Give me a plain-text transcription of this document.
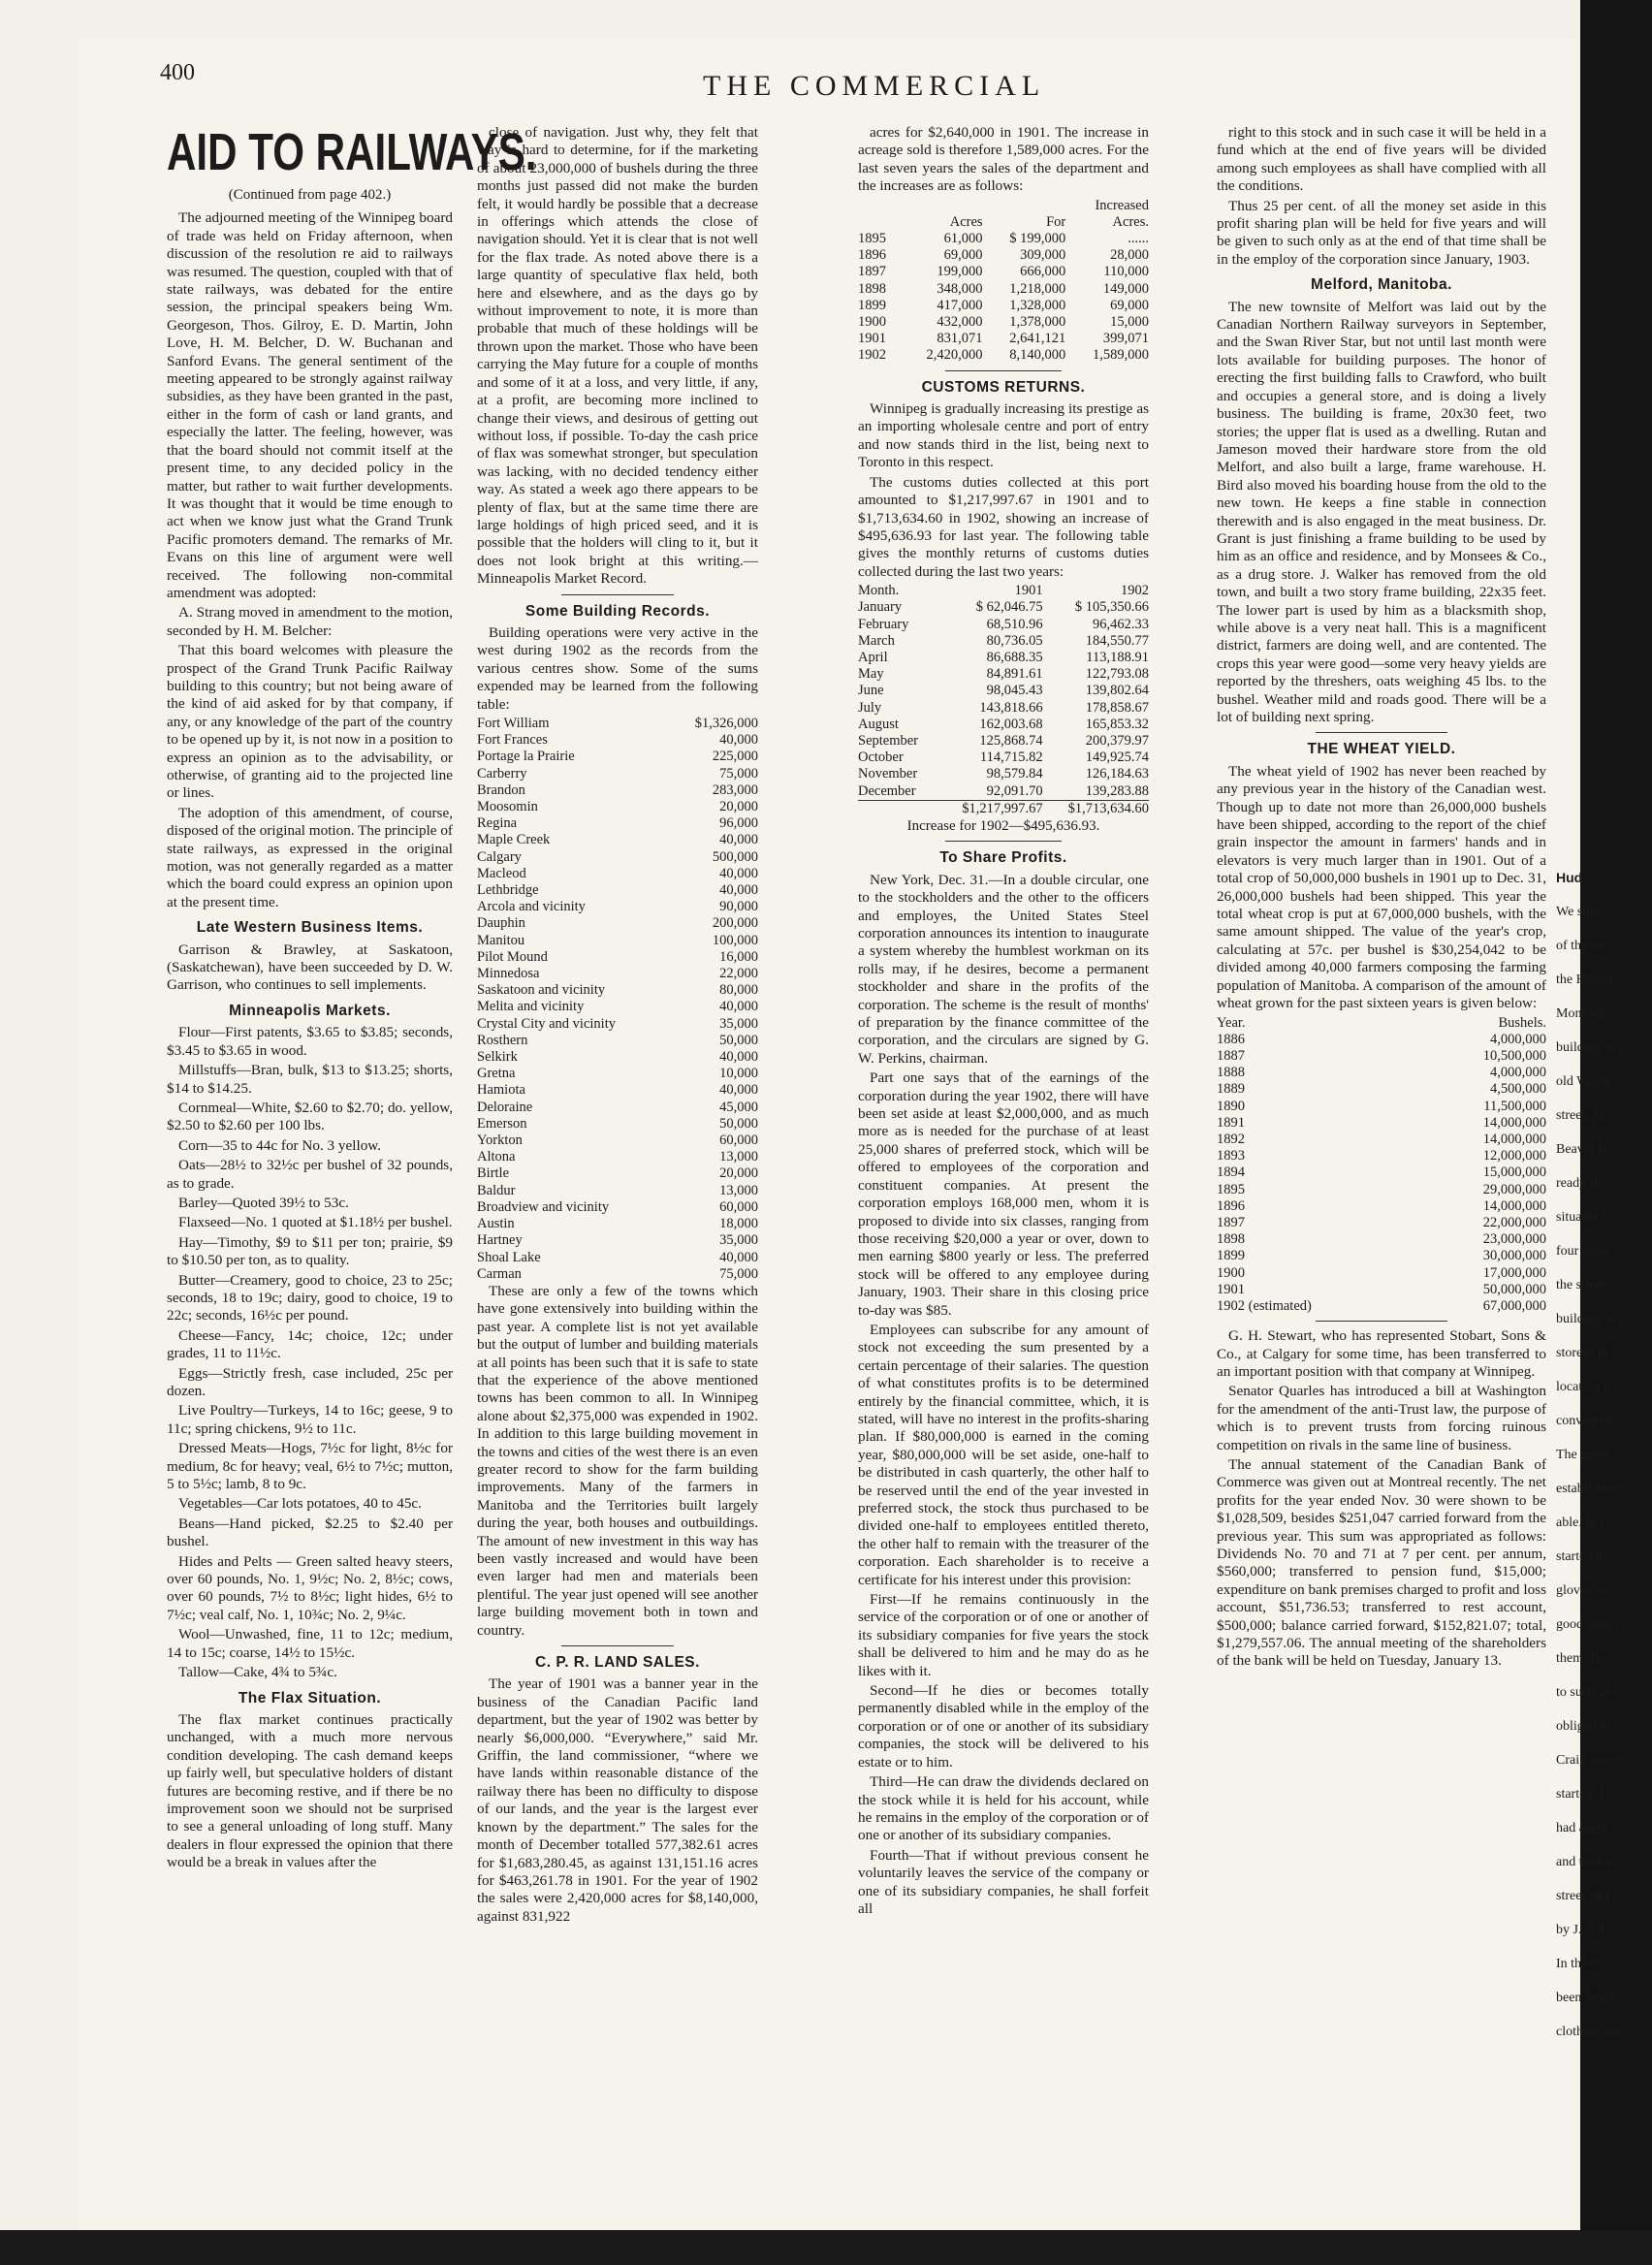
400	THE COMMERCIAL
AID TO RAILWAYS.
(Continued from page 402.)

The adjourned meeting of the Winnipeg board of trade was held on Friday afternoon, when discussion of the resolution re aid to railways was resumed. The question, coupled with that of state railways, was debated for the entire session, the principal speakers being Wm. Georgeson, Thos. Gilroy, E. D. Martin, John Love, H. M. Belcher, D. W. Buchanan and Sanford Evans. The general sentiment of the meeting appeared to be strongly against railway subsidies, as they have been granted in the past, either in the form of cash or land grants, and especially the latter. The feeling, however, was that the board should not commit itself at the present time, to any decided policy in the matter, but rather to wait further developments. It was thought that it would be time enough to act when we know just what the Grand Trunk Pacific promoters demand. The remarks of Mr. Evans on this line of argument were well received. The following non-commital amendment was adopted:

A. Strang moved in amendment to the motion, seconded by H. M. Belcher:

That this board welcomes with pleasure the prospect of the Grand Trunk Pacific Railway building to this country; but not being aware of the kind of aid asked for by that company, if any, or any knowledge of the part of the country to be opened up by it, is not now in a position to express an opinion as to the advisability, or otherwise, of granting aid to the projected line or lines.

The adoption of this amendment, of course, disposed of the original motion. The principle of state railways, as expressed in the original motion, was not generally regarded as a matter which the board could express an opinion upon at the present time.

Late Western Business Items.

Garrison & Brawley, at Saskatoon, (Saskatchewan), have been succeeded by D. W. Garrison, who continues to sell implements.

Minneapolis Markets.

Flour—First patents, $3.65 to $3.85; seconds, $3.45 to $3.65 in wood.

Millstuffs—Bran, bulk, $13 to $13.25; shorts, $14 to $14.25.

Cornmeal—White, $2.60 to $2.70; do. yellow, $2.50 to $2.60 per 100 lbs.

Corn—35 to 44c for No. 3 yellow.

Oats—28½ to 32½c per bushel of 32 pounds, as to grade.

Barley—Quoted 39½ to 53c.

Flaxseed—No. 1 quoted at $1.18½ per bushel.

Hay—Timothy, $9 to $11 per ton; prairie, $9 to $10.50 per ton, as to quality.

Butter—Creamery, good to choice, 23 to 25c; seconds, 18 to 19c; dairy, good to choice, 19 to 22c; seconds, 16½c per pound.

Cheese—Fancy, 14c; choice, 12c; under grades, 11 to 11½c.

Eggs—Strictly fresh, case included, 25c per dozen.

Live Poultry—Turkeys, 14 to 16c; geese, 9 to 11c; spring chickens, 9½ to 11c.

Dressed Meats—Hogs, 7½c for light, 8½c for medium, 8c for heavy; veal, 6½ to 7½c; mutton, 5 to 5½c; lamb, 8 to 9c.

Vegetables—Car lots potatoes, 40 to 45c.

Beans—Hand picked, $2.25 to $2.40 per bushel.

Hides and Pelts — Green salted heavy steers, over 60 pounds, No. 1, 9½c; No. 2, 8½c; cows, over 60 pounds, 7½ to 8½c; light hides, 6½ to 7½c; veal calf, No. 1, 10¾c; No. 2, 9¼c.

Wool—Unwashed, fine, 11 to 12c; medium, 14 to 15c; coarse, 14½ to 15½c.

Tallow—Cake, 4¾ to 5¾c.

The Flax Situation.

The flax market continues practically unchanged, with a much more nervous condition developing. The cash demand keeps up fairly well, but speculative holders of distant futures are becoming restive, and if there be no improvement soon we should not be surprised to see a general unloading of long stuff. Many dealers in flour expressed the opinion that there would be a break in values after the

close of navigation. Just why, they felt that way is hard to determine, for if the marketing of about 23,000,000 of bushels during the three months just passed did not make the burden felt, it would hardly be possible that a decrease in offerings which attends the close of navigation should. Yet it is clear that is not well for the flax trade. As noted above there is a large quantity of speculative flax held, both here and elsewhere, and as the days go by without improvement to note, it is more than probable that much of these holdings will be thrown upon the market. Those who have been carrying the May future for a couple of months and some of it at a loss, and very little, if any, at a profit, are becoming more inclined to change their views, and desirous of getting out without loss, if possible. To-day the cash price of flax was somewhat stronger, but speculation was lacking, with no decided tendency either way. As stated a week ago there appears to be plenty of flax, but at the same time there are large holdings of high priced seed, and it is possible that the holders will cling to it, but it does not look bright at this writing.—Minneapolis Market Record.

Some Building Records.

Building operations were very active in the west during 1902 as the records from the various centres show. Some of the sums expended may be learned from the following table:

Fort William	$1,326,000
Fort Frances	40,000
Portage la Prairie	225,000
Carberry	75,000
Brandon	283,000
Moosomin	20,000
Regina	96,000
Maple Creek	40,000
Calgary	500,000
Macleod	40,000
Lethbridge	40,000
Arcola and vicinity	90,000
Dauphin	200,000
Manitou	100,000
Pilot Mound	16,000
Minnedosa	22,000
Saskatoon and vicinity	80,000
Melita and vicinity	40,000
Crystal City and vicinity	35,000
Rosthern	50,000
Selkirk	40,000
Gretna	10,000
Hamiota	40,000
Deloraine	45,000
Emerson	50,000
Yorkton	60,000
Altona	13,000
Birtle	20,000
Baldur	13,000
Broadview and vicinity	60,000
Austin	18,000
Hartney	35,000
Shoal Lake	40,000
Carman	75,000

These are only a few of the towns which have gone extensively into building within the past year. A complete list is not yet available but the output of lumber and building materials at all points has been such that it is safe to state that the experience of the above mentioned towns has been common to all. In Winnipeg alone about $2,375,000 was expended in 1902. In addition to this large building movement in the towns and cities of the west there is an even greater record to show for the farm building improvements. Many of the farmers in Manitoba and the Territories built largely during the year, both houses and outbuildings. The amount of new investment in this way has been vastly increased and would have been even larger had men and materials been plentiful. The year just opened will see another large building movement both in town and country.

C. P. R. LAND SALES.

The year of 1901 was a banner year in the business of the Canadian Pacific land department, but the year of 1902 was better by nearly $6,000,000. “Everywhere,” said Mr. Griffin, the land commissioner, “where we have lands within reasonable distance of the railway there has been no difficulty to dispose of our lands, and the year is the largest ever known by the department.” The sales for the month of December totalled 577,382.61 acres for $1,683,280.45, as against 131,151.16 acres for $463,261.78 in 1901. For the year of 1902 the sales were 2,420,000 acres for $8,140,000, against 831,922

acres for $2,640,000 in 1901. The increase in acreage sold is therefore 1,589,000 acres. For the last seven years the sales of the department and the increases are as follows:

			Increased
	Acres	For	Acres.
1895	61,000	$ 199,000	......
1896	69,000	309,000	28,000
1897	199,000	666,000	110,000
1898	348,000	1,218,000	149,000
1899	417,000	1,328,000	69,000
1900	432,000	1,378,000	15,000
1901	831,071	2,641,121	399,071
1902	2,420,000	8,140,000	1,589,000
CUSTOMS RETURNS.

Winnipeg is gradually increasing its prestige as an importing wholesale centre and port of entry and now stands third in the list, being next to Toronto in this respect.

The customs duties collected at this port amounted to $1,217,997.67 in 1901 and to $1,713,634.60 in 1902, showing an increase of $495,636.93 for last year. The following table gives the monthly returns of customs duties collected during the last two years:

Month.	1901	1902
January	$ 62,046.75	$ 105,350.66
February	68,510.96	96,462.33
March	80,736.05	184,550.77
April	86,688.35	113,188.91
May	84,891.61	122,793.08
June	98,045.43	139,802.64
July	143,818.66	178,858.67
August	162,003.68	165,853.32
September	125,868.74	200,379.97
October	114,715.82	149,925.74
November	98,579.84	126,184.63
December	92,091.70	139,283.88
	$1,217,997.67	$1,713,634.60
Increase for 1902—$495,636.93.
To Share Profits.

New York, Dec. 31.—In a double circular, one to the stockholders and the other to the officers and employes, the United States Steel corporation announces its intention to inaugurate a system whereby the humblest workman on its rolls may, if he desires, become a permanent stockholder and share in the profits of the corporation. The scheme is the result of months' of preparation by the finance committee of the corporation, and the circulars are signed by G. W. Perkins, chairman.

Part one says that of the earnings of the corporation during the year 1902, there will have been set aside at least $2,000,000, and as much more as is needed for the purchase of at least 25,000 shares of preferred stock, which will be offered to employees of the corporation and constituent companies. At present the corporation employs 168,000 men, whom it is proposed to divide into six classes, ranging from those receiving $20,000 a year or over, down to men earning $800 yearly or less. The preferred stock will be offered to any employee during January, 1903. Their share in this closing price to-day was $85.

Employees can subscribe for any amount of stock not exceeding the sum presented by a certain percentage of their salaries. The question of what constitutes profits is to be determined entirely by the financial committee, which, it is stated, will have no interest in the profits-sharing plan. If $80,000,000 is earned in the coming year, $80,000,000 will be set aside, one-half to be distributed in cash quarterly, the other half to be reserved until the end of the year invested in preferred stock, the stock thus purchased to be divided one-half to employees entitled thereto, the other half to remain with the treasurer of the corporation. Each shareholder is to receive a certificate for his interest under this provision:

First—If he remains continuously in the service of the corporation or of one or another of its subsidiary companies for five years the stock shall be delivered to him and he may do as he likes with it.

Second—If he dies or becomes totally permanently disabled while in the employ of the corporation or of one or another of its subsidiary companies, the stock will be delivered to his estate or to him.

Third—He can draw the dividends declared on the stock while it is held for his account, while he remains in the employ of the corporation or of one or another of its subsidiary companies.

Fourth—That if without previous consent he voluntarily leaves the service of the company or one of its subsidiary companies, he shall forfeit all

right to this stock and in such case it will be held in a fund which at the end of five years will be divided among such employees as shall have complied with all the conditions.

Thus 25 per cent. of all the money set aside in this profit sharing plan will be held for five years and will be given to such only as at the end of that time shall be in the employ of the corporation since January, 1903.

Melford, Manitoba.

The new townsite of Melfort was laid out by the Canadian Northern Railway surveyors in September, and the Swan River Star, but not until last month were lots available for building purposes. The honor of erecting the first building falls to Crawford, who built and occupies a general store, and is doing a lively business. The building is frame, 20x30 feet, two stories; the upper flat is used as a dwelling. Rutan and Jameson moved their hardware store from the old Melfort, and also built a large, frame warehouse. H. Bird also moved his boarding house from the old to the new town. He keeps a fine stable in connection therewith and is also engaged in the meat business. Dr. Grant is just finishing a frame building to be used by him as an office and residence, and by Monsees & Co., as a drug store. J. Walker has removed from the old town, and built a two story frame building, 22x35 feet. The lower part is used by him as a blacksmith shop, while above is a very neat hall. This is a magnificent district, farmers are doing well, and are contented. The crops this year were good—some very heavy yields are reported by the threshers, oats weighing 45 lbs. to the bushel. Weather mild and roads good. There will be a lot of building next spring.

THE WHEAT YIELD.

The wheat yield of 1902 has never been reached by any previous year in the history of the Canadian west. Though up to date not more than 26,000,000 bushels have been shipped, according to the report of the chief grain inspector the amount in farmers' hands and in elevators is very much larger than in 1901. Out of a total crop of 50,000,000 bushels in 1901 up to Dec. 31, 26,000,000 bushels had been shipped. This year the total wheat crop is put at 67,000,000 bushels, with the same amount shipped. The value of the year's crop, calculating at 57c. per bushel is $30,254,042 to be divided among 40,000 farmers composing the farming population of Manitoba. A comparison of the amount of wheat grown for the past sixteen years is given below:

Year.	Bushels.
1886	4,000,000
1887	10,500,000
1888	4,000,000
1889	4,500,000
1890	11,500,000
1891	14,000,000
1892	14,000,000
1893	12,000,000
1894	15,000,000
1895	29,000,000
1896	14,000,000
1897	22,000,000
1898	23,000,000
1899	30,000,000
1900	17,000,000
1901	50,000,000
1902 (estimated)	67,000,000

G. H. Stewart, who has represented Stobart, Sons & Co., at Calgary for some time, has been transferred to an important position with that company at Winnipeg.

Senator Quarles has introduced a bill at Washington for the amendment of the anti-Trust law, the purpose of which is to prevent trusts from forcing ruinous competition on rivals in the same line of business.

The annual statement of the Canadian Bank of Commerce was given out at Montreal recently. The net profits for the year ended Nov. 30 were shown to be $1,028,509, besides $251,047 carried forward from the previous year. This sum was appropriated as follows: Dividends No. 70 and 71 at 7 per cent. per annum, $560,000; transferred to pension fund, $15,000; expenditure on bank premises charged to profit and loss account, $51,736.53; transferred to rest account, $500,000; balance carried forward, $152,821.07; total, $1,279,557.06. The annual meeting of the shareholders of the bank will be held on Tuesday, January 13.

Hud
We show
of the ha
the Hudso
Montreal
building in
old Waver
street, ju
Beaver H
ready for
situated f
four sides
the street
building in
storeys hi
location is
convenient
The grow
establishme
able. In t
started to
gloves at 7
good goods
them. Bus
to such an
obliged to
Craig street
started. I
had again
and took a
street, in t
by J. & T.
In the m
been develo
clothing, un
